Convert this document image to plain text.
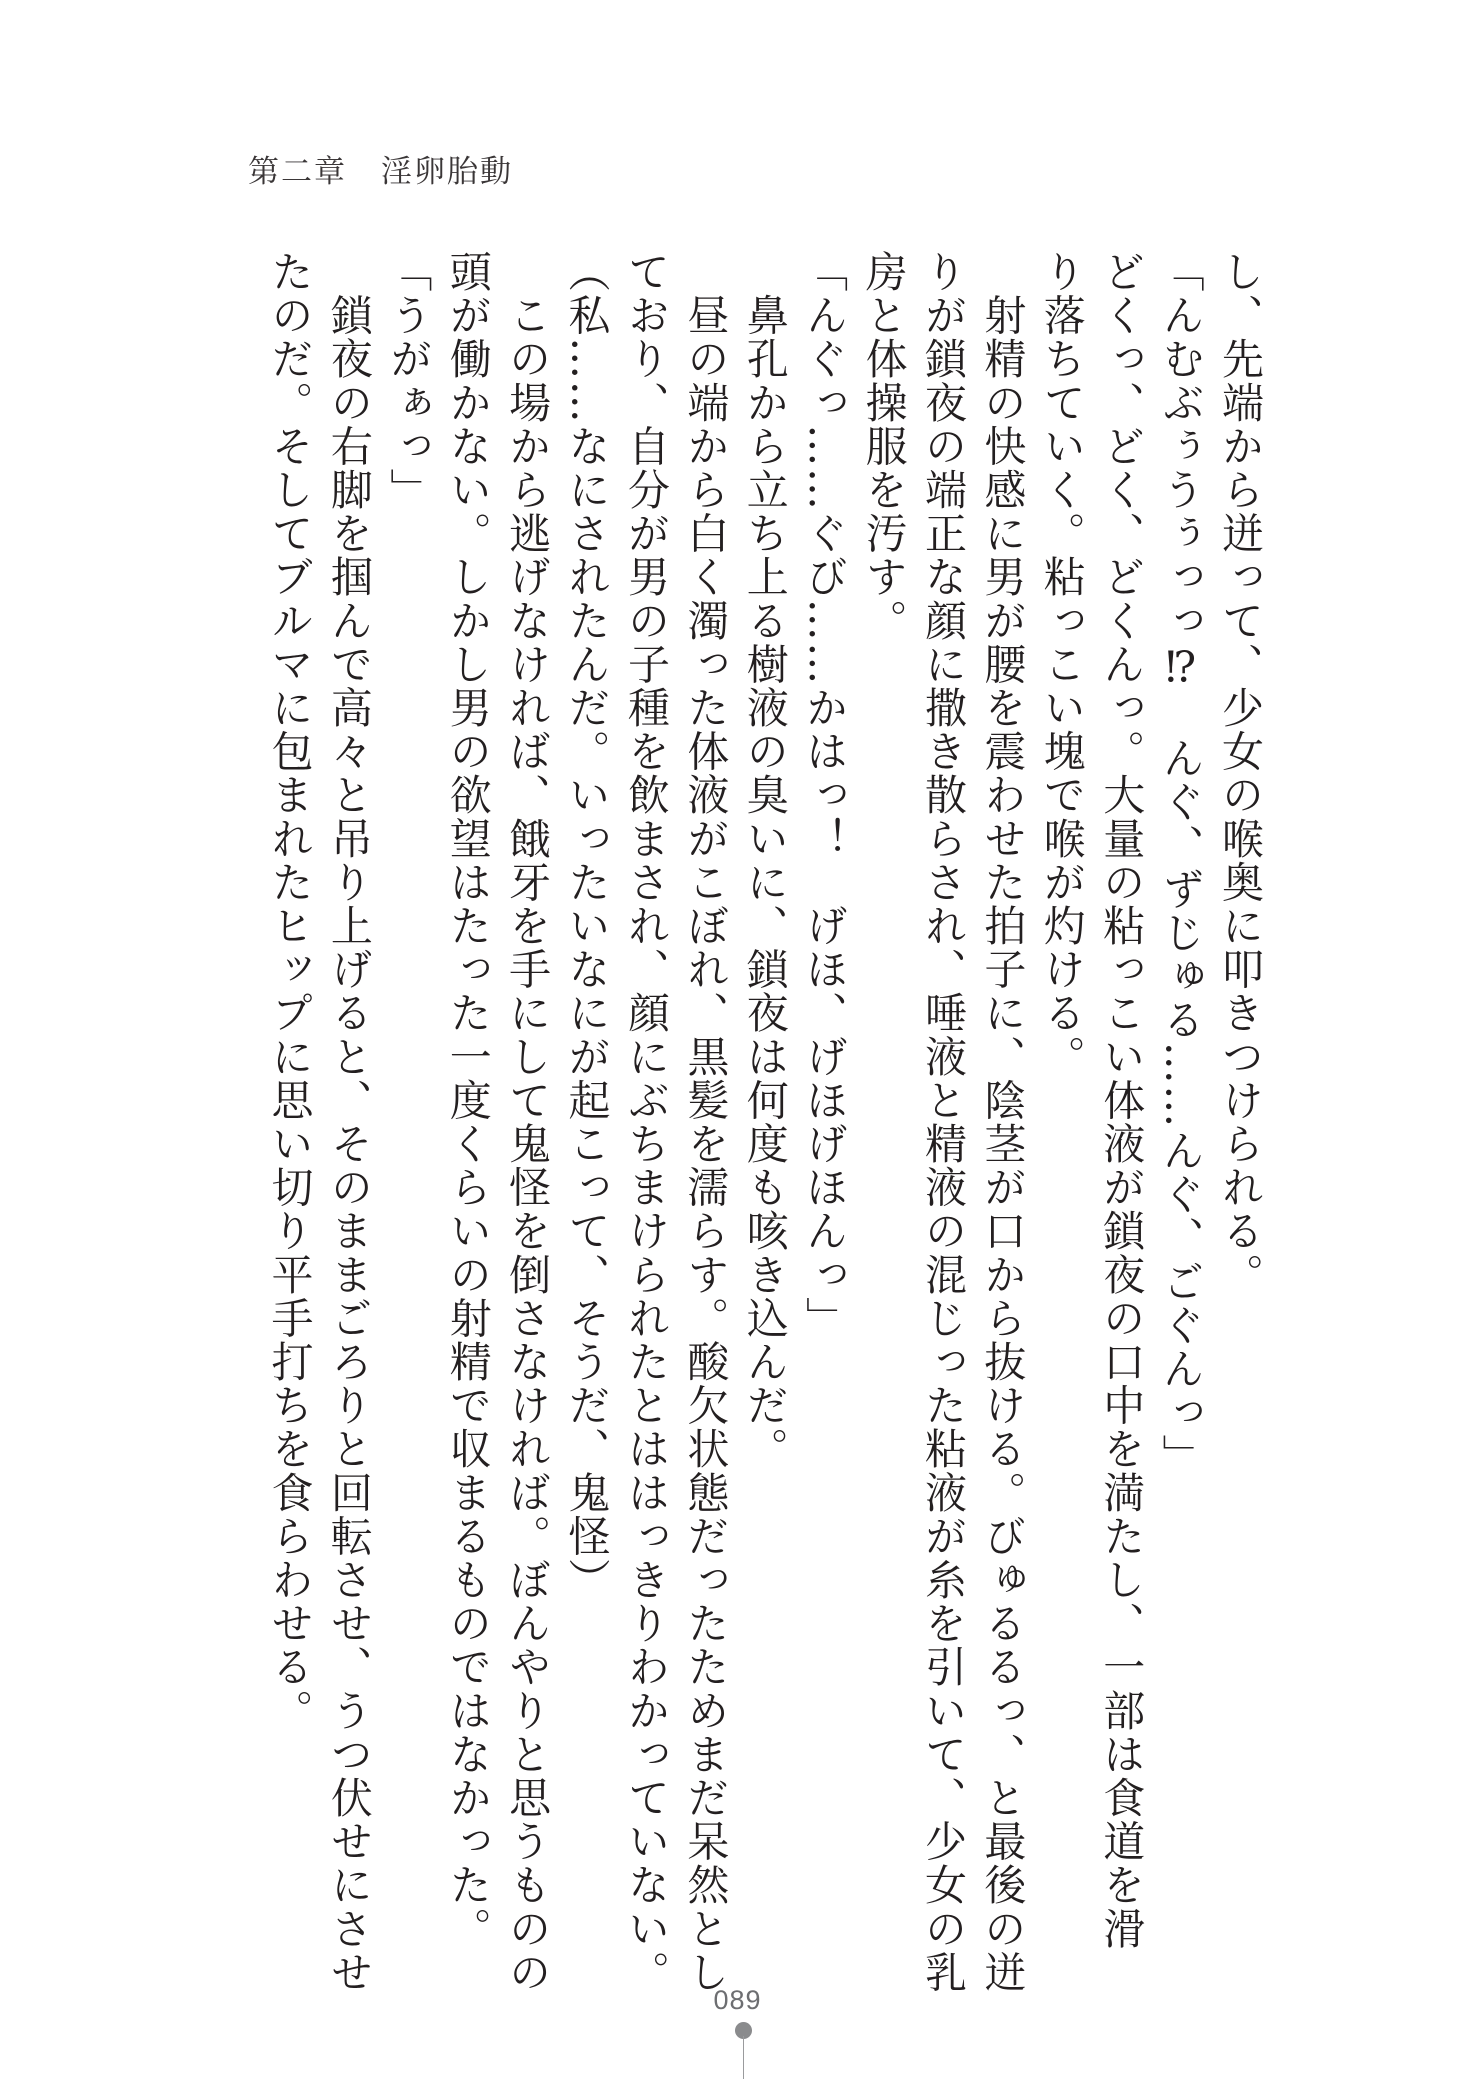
第二章 淫卵胎動

し、先端から迸って、少女の喉奥に叩きつけられる。

「んむぶぅうぅっっ⁉　んぐ、ずじゅる……んぐ、ごぐんっ」

どくっ、どく、どくんっ。大量の粘っこい体液が鎖夜の口中を満たし、一部は食道を滑

り落ちていく。粘っこい塊で喉が灼ける。

　射精の快感に男が腰を震わせた拍子に、陰茎が口から抜ける。びゅるるっ、と最後の迸

りが鎖夜の端正な顔に撒き散らされ、唾液と精液の混じった粘液が糸を引いて、少女の乳

房と体操服を汚す。

「んぐっ……ぐび……かはっ！　げほ、げほげほんっ」

　鼻孔から立ち上る樹液の臭いに、鎖夜は何度も咳き込んだ。

　昼の端から白く濁った体液がこぼれ、黒髪を濡らす。酸欠状態だったためまだ呆然とし

ており、自分が男の子種を飲まされ、顔にぶちまけられたとははっきりわかっていない。

（私……なにされたんだ。いったいなにが起こって、そうだ、鬼怪）

　この場から逃げなければ、餓牙を手にして鬼怪を倒さなければ。ぼんやりと思うものの

頭が働かない。しかし男の欲望はたった一度くらいの射精で収まるものではなかった。

「うがぁっ」

　鎖夜の右脚を掴んで高々と吊り上げると、そのままごろりと回転させ、うつ伏せにさせ

たのだ。そしてブルマに包まれたヒップに思い切り平手打ちを食らわせる。

089
